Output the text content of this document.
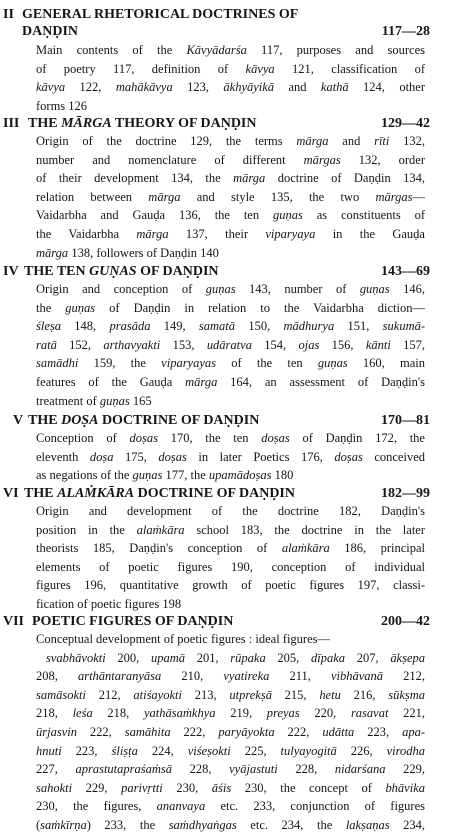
II GENERAL RHETORICAL DOCTRINES OF
DAṆḌIN	117—28
Main contents of the Kāvyādarśa 117, purposes and sources
of poetry 117, definition of kāvya 121, classification of
kāvya 122, mahākāvya 123, ākhyāyikā and kathā 124, other
forms 126
III THE MĀRGA THEORY OF DAṆḌIN	129—42
Origin of the doctrine 129, the terms mārga and rīti 132,
number and nomenclature of different mārgas 132, order
of their development 134, the mārga doctrine of Daṇḍin 134,
relation between mārga and style 135, the two mārgas—
Vaidarbha and Gauḍa 136, the ten guṇas as constituents of
the Vaidarbha mārga 137, their viparyaya in the Gauḍa
mārga 138, followers of Daṇḍin 140
IV THE TEN GUṆAS OF DAṆḌIN	143—69
Origin and conception of guṇas 143, number of guṇas 146,
the guṇas of Daṇḍin in relation to the Vaidarbha diction—
śleṣa 148, prasāda 149, samatā 150, mādhurya 151, sukumā-
ratā 152, arthavyakti 153, udāratva 154, ojas 156, kānti 157,
samādhi 159, the viparyayas of the ten guṇas 160, main
features of the Gauḍa mārga 164, an assessment of Daṇḍin's
treatment of guṇas 165
V THE DOṢA DOCTRINE OF DAṆḌIN	170—81
Conception of doṣas 170, the ten doṣas of Daṇḍin 172, the
eleventh doṣa 175, doṣas in later Poetics 176, doṣas conceived
as negations of the guṇas 177, the upamādoṣas 180
VI THE ALAṀKĀRA DOCTRINE OF DAṆḌIN	182—99
Origin and development of the doctrine 182, Daṇḍin's
position in the alaṁkāra school 183, the doctrine in the later
theorists 185, Daṇḍin's conception of alaṁkāra 186, principal
elements of poetic figures 190, conception of individual
figures 196, quantitative growth of poetic figures 197, classi-
fication of poetic figures 198
VII POETIC FIGURES OF DAṆḌIN	200—42
Conceptual development of poetic figures : ideal figures—
svabhāvokti 200, upamā 201, rūpaka 205, dīpaka 207, ākṣepa
208, arthāntaranyāsa 210, vyatireka 211, vibhāvanā 212,
samāsokti 212, atiśayokti 213, utprekṣā 215, hetu 216, sūkṣma
218, leśa 218, yathāsaṁkhya 219, preyas 220, rasavat 221,
ūrjasvin 222, samāhita 222, paryāyokta 222, udātta 223, apa-
hnuti 223, śliṣṭa 224, viśeṣokti 225, tulyayogitā 226, virodha
227, aprastutapraśaṁsā 228, vyājastuti 228, nidarśana 229,
sahokti 229, parivṛtti 230, āśis 230, the concept of bhāvika
230, the figures, ananvaya etc. 233, conjunction of figures
(saṁkīrṇa) 233, the saṁdhyaṅgas etc. 234, the lakṣaṇas 234,
